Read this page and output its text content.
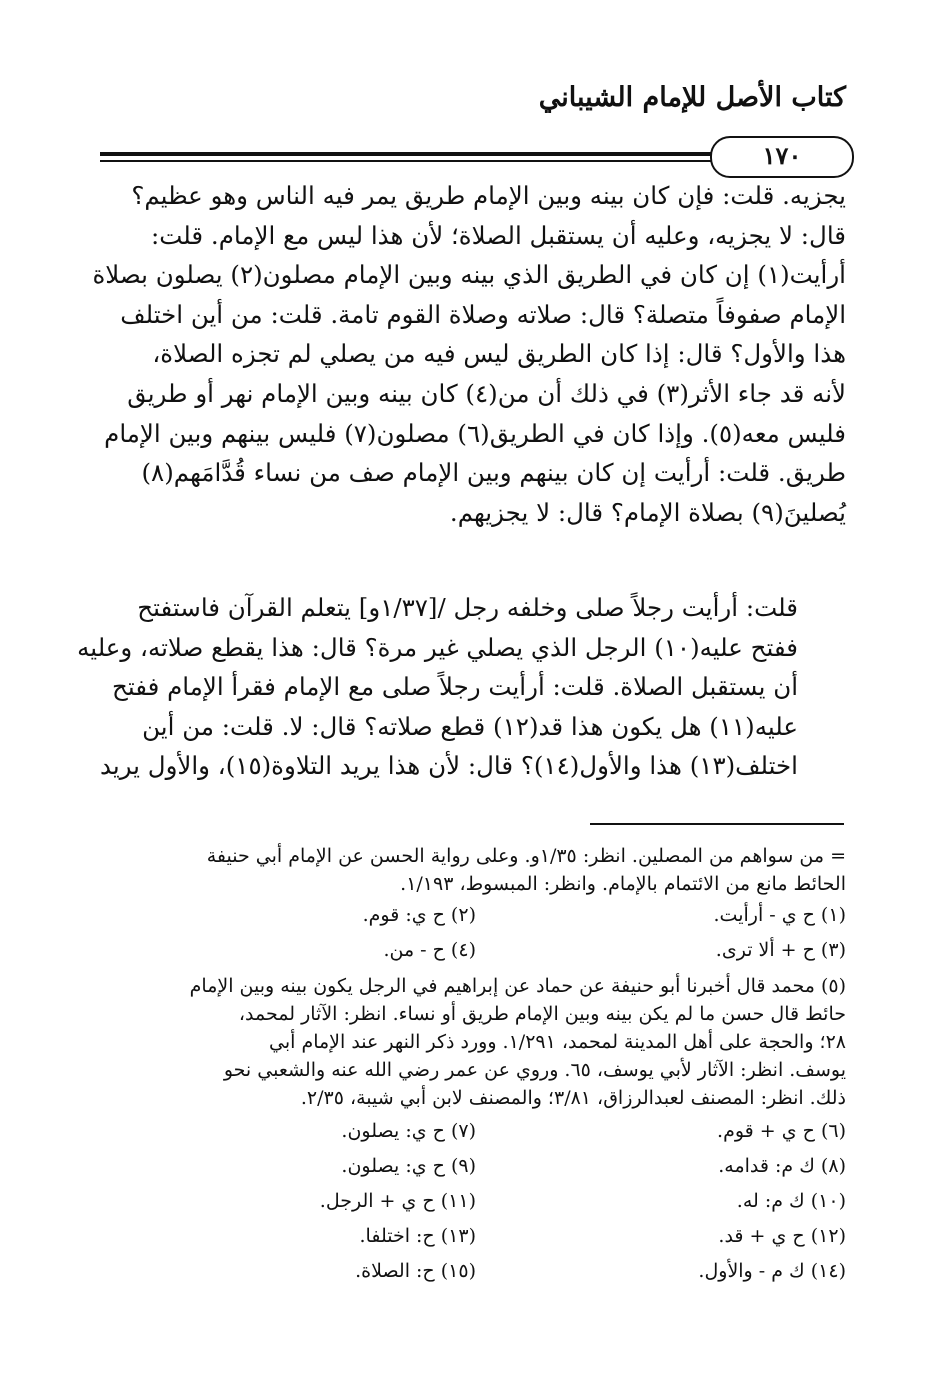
كتاب الأصل للإمام الشيباني
١٧٠
يجزيه. قلت: فإن كان بينه وبين الإمام طريق يمر فيه الناس وهو عظيم؟
قال: لا يجزيه، وعليه أن يستقبل الصلاة؛ لأن هذا ليس مع الإمام. قلت:
أرأيت(١) إن كان في الطريق الذي بينه وبين الإمام مصلون(٢) يصلون بصلاة
الإمام صفوفاً متصلة؟ قال: صلاته وصلاة القوم تامة. قلت: من أين اختلف
هذا والأول؟ قال: إذا كان الطريق ليس فيه من يصلي لم تجزه الصلاة،
لأنه قد جاء الأثر(٣) في ذلك أن من(٤) كان بينه وبين الإمام نهر أو طريق
فليس معه(٥). وإذا كان في الطريق(٦) مصلون(٧) فليس بينهم وبين الإمام
طريق. قلت: أرأيت إن كان بينهم وبين الإمام صف من نساء قُدَّامَهم(٨)
يُصلينَ(٩) بصلاة الإمام؟ قال: لا يجزيهم.
قلت: أرأيت رجلاً صلى وخلفه رجل /[١/٣٧و] يتعلم القرآن فاستفتح
ففتح عليه(١٠) الرجل الذي يصلي غير مرة؟ قال: هذا يقطع صلاته، وعليه
أن يستقبل الصلاة. قلت: أرأيت رجلاً صلى مع الإمام فقرأ الإمام ففتح
عليه(١١) هل يكون هذا قد(١٢) قطع صلاته؟ قال: لا. قلت: من أين
اختلف(١٣) هذا والأول(١٤)؟ قال: لأن هذا يريد التلاوة(١٥)، والأول يريد
= من سواهم من المصلين. انظر: ١/٣٥و. وعلى رواية الحسن عن الإمام أبي حنيفة
الحائط مانع من الائتمام بالإمام. وانظر: المبسوط، ١/١٩٣.
(١) ح ي - أرأيت.
(٢) ح ي: قوم.
(٣) ح + ألا ترى.
(٤) ح - من.
(٥) محمد قال أخبرنا أبو حنيفة عن حماد عن إبراهيم في الرجل يكون بينه وبين الإمام
حائط قال حسن ما لم يكن بينه وبين الإمام طريق أو نساء. انظر: الآثار لمحمد،
٢٨؛ والحجة على أهل المدينة لمحمد، ١/٢٩١. وورد ذكر النهر عند الإمام أبي
يوسف. انظر: الآثار لأبي يوسف، ٦٥. وروي عن عمر رضي الله عنه والشعبي نحو
ذلك. انظر: المصنف لعبدالرزاق، ٣/٨١؛ والمصنف لابن أبي شيبة، ٢/٣٥.
(٦) ح ي + قوم.
(٧) ح ي: يصلون.
(٨) ك م: قدامه.
(٩) ح ي: يصلون.
(١٠) ك م: له.
(١١) ح ي + الرجل.
(١٢) ح ي + قد.
(١٣) ح: اختلفا.
(١٤) ك م - والأول.
(١٥) ح: الصلاة.
